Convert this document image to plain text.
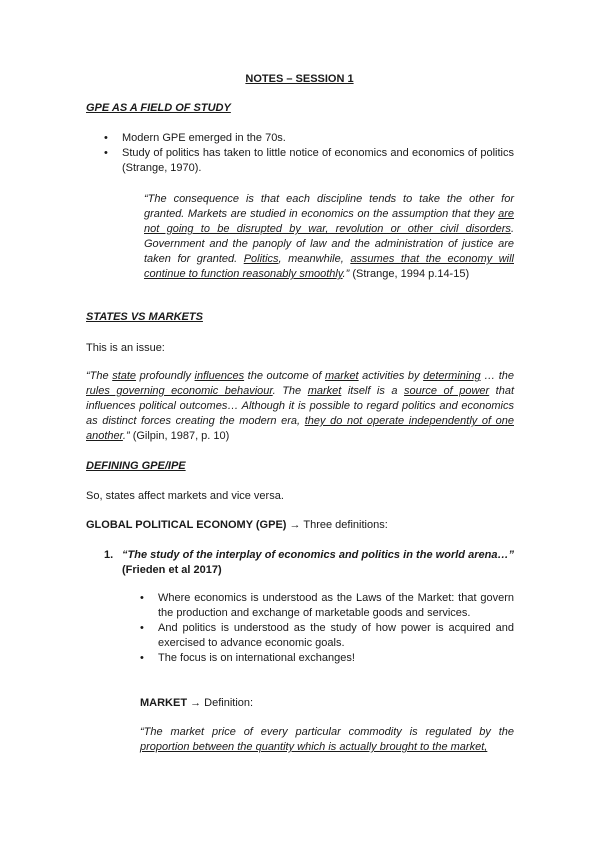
NOTES – SESSION 1
GPE AS A FIELD OF STUDY
• Modern GPE emerged in the 70s.
• Study of politics has taken to little notice of economics and economics of politics (Strange, 1970).
“The consequence is that each discipline tends to take the other for granted. Markets are studied in economics on the assumption that they are not going to be disrupted by war, revolution or other civil disorders. Government and the panoply of law and the administration of justice are taken for granted. Politics, meanwhile, assumes that the economy will continue to function reasonably smoothly.” (Strange, 1994 p.14-15)
STATES VS MARKETS
This is an issue:
“The state profoundly influences the outcome of market activities by determining … the rules governing economic behaviour. The market itself is a source of power that influences political outcomes… Although it is possible to regard politics and economics as distinct forces creating the modern era, they do not operate independently of one another.” (Gilpin, 1987, p. 10)
DEFINING GPE/IPE
So, states affect markets and vice versa.
GLOBAL POLITICAL ECONOMY (GPE) → Three definitions:
1. “The study of the interplay of economics and politics in the world arena…” (Frieden et al 2017)
• Where economics is understood as the Laws of the Market: that govern the production and exchange of marketable goods and services.
• And politics is understood as the study of how power is acquired and exercised to advance economic goals.
• The focus is on international exchanges!
MARKET → Definition:
“The market price of every particular commodity is regulated by the proportion between the quantity which is actually brought to the market,
